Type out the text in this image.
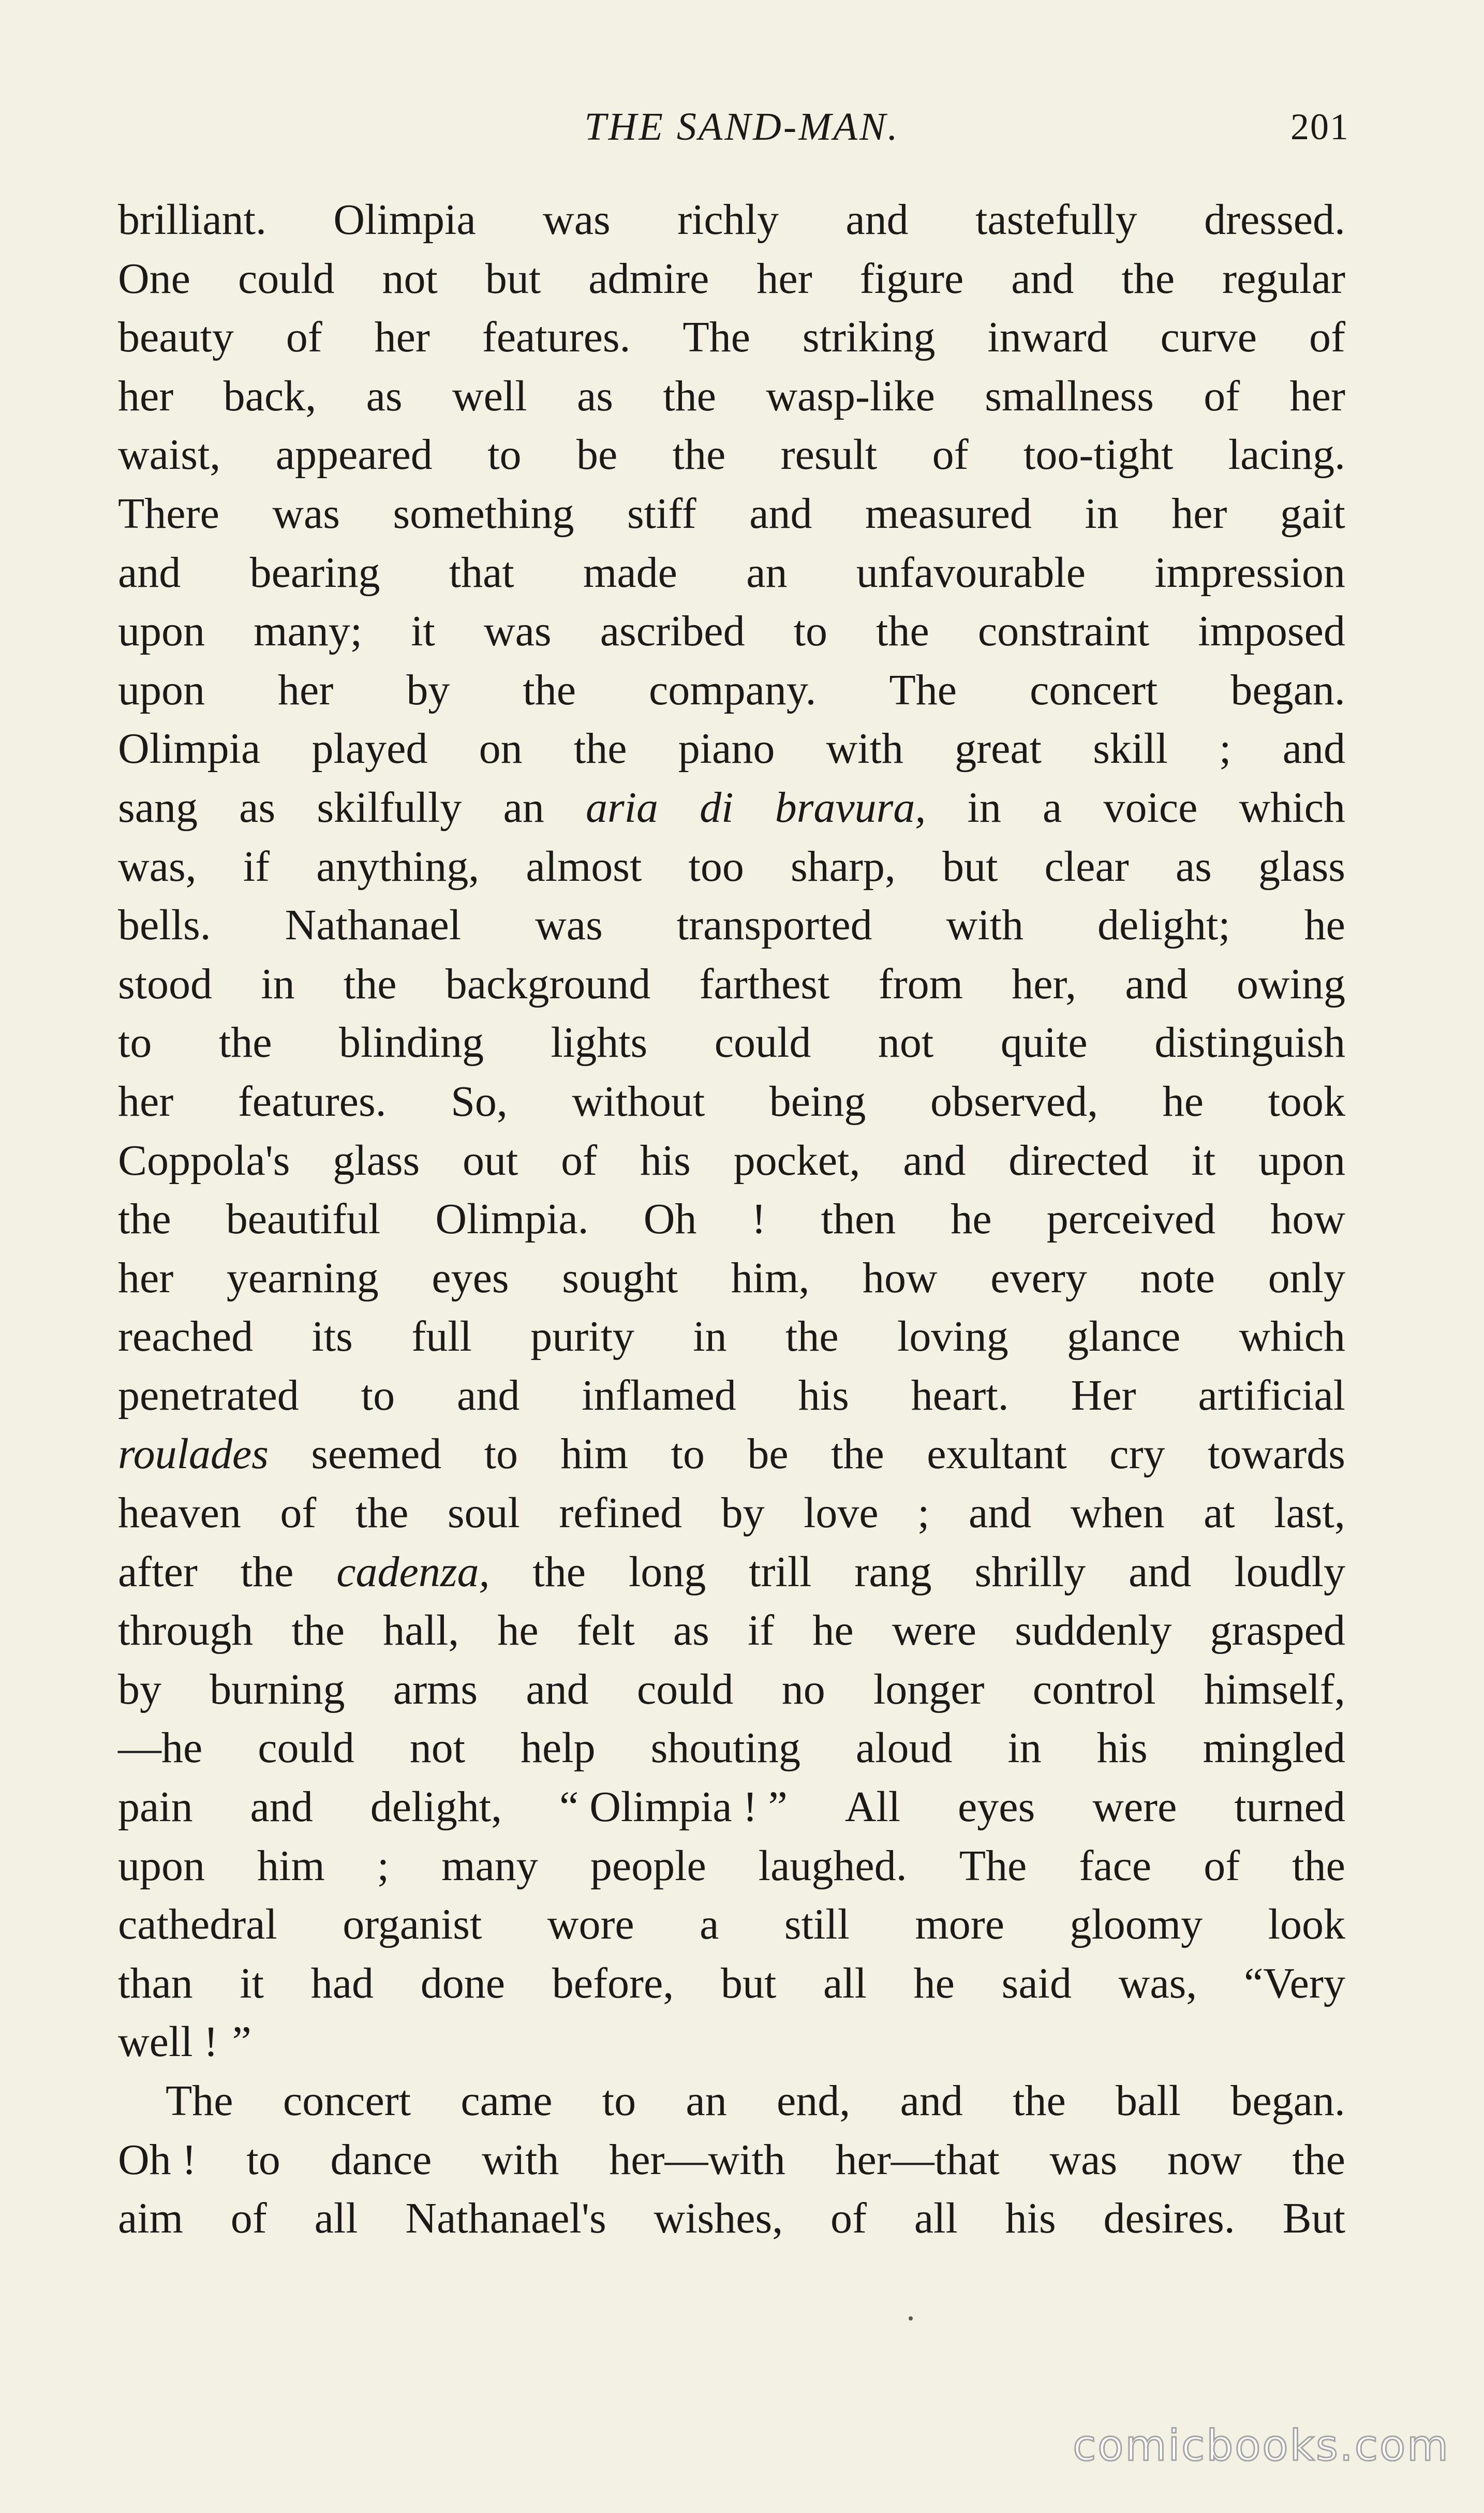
THE SAND-MAN.	201
brilliant. Olimpia was richly and tastefully dressed.
One could not but admire her figure and the regular
beauty of her features. The striking inward curve of
her back, as well as the wasp-like smallness of her
waist, appeared to be the result of too-tight lacing.
There was something stiff and measured in her gait
and bearing that made an unfavourable impression
upon many; it was ascribed to the constraint imposed
upon her by the company. The concert began.
Olimpia played on the piano with great skill ; and
sang as skilfully an aria di bravura, in a voice which
was, if anything, almost too sharp, but clear as glass
bells. Nathanael was transported with delight; he
stood in the background farthest from her, and owing
to the blinding lights could not quite distinguish
her features. So, without being observed, he took
Coppola's glass out of his pocket, and directed it upon
the beautiful Olimpia. Oh ! then he perceived how
her yearning eyes sought him, how every note only
reached its full purity in the loving glance which
penetrated to and inflamed his heart. Her artificial
roulades seemed to him to be the exultant cry towards
heaven of the soul refined by love ; and when at last,
after the cadenza, the long trill rang shrilly and loudly
through the hall, he felt as if he were suddenly grasped
by burning arms and could no longer control himself,
—he could not help shouting aloud in his mingled
pain and delight, “ Olimpia ! ” All eyes were turned
upon him ; many people laughed. The face of the
cathedral organist wore a still more gloomy look
than it had done before, but all he said was, “Very
well ! ”
The concert came to an end, and the ball began.
Oh ! to dance with her—with her—that was now the
aim of all Nathanael's wishes, of all his desires. But
comicbooks.com
